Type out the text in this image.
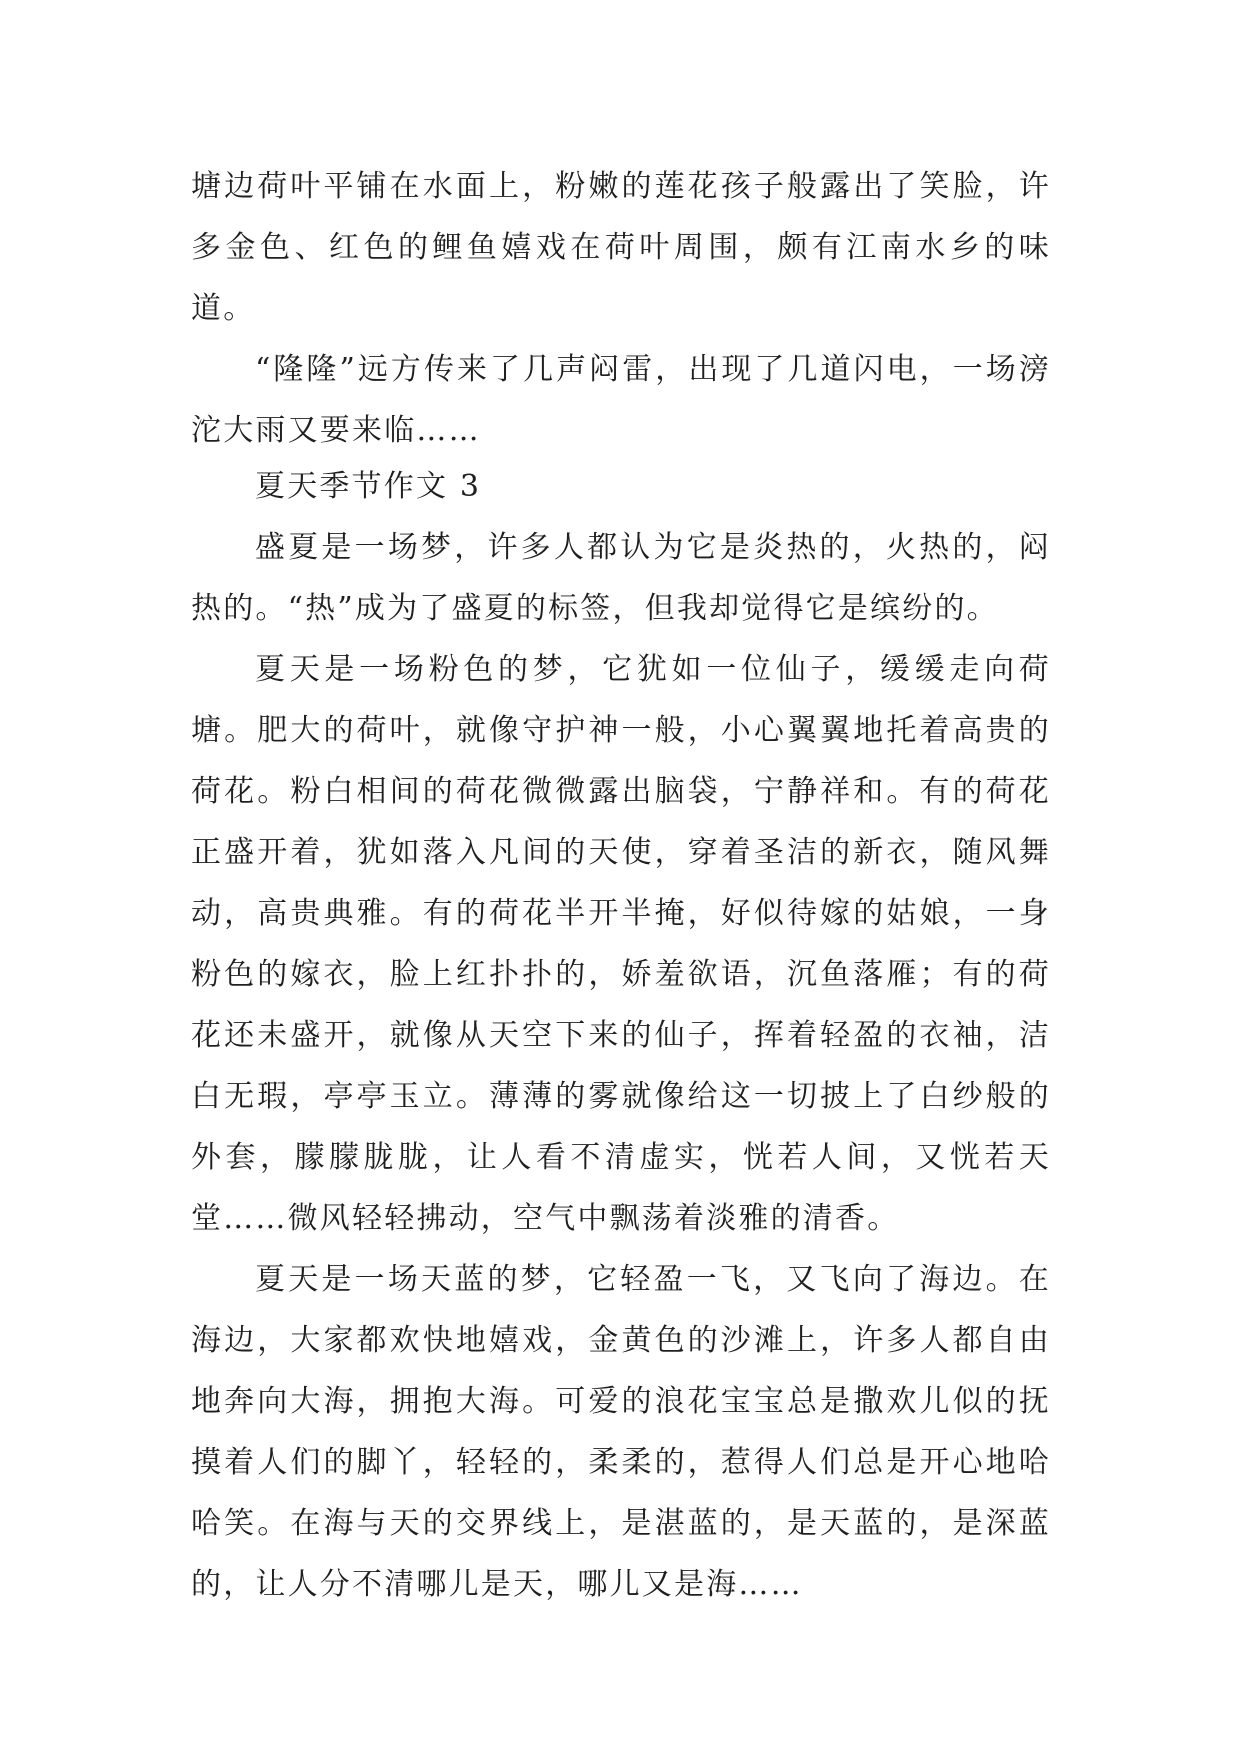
塘边荷叶平铺在水面上，粉嫩的莲花孩子般露出了笑脸，许多金色、红色的鲤鱼嬉戏在荷叶周围，颇有江南水乡的味道。

“隆隆”远方传来了几声闷雷，出现了几道闪电，一场滂沱大雨又要来临……

夏天季节作文 3

盛夏是一场梦，许多人都认为它是炎热的，火热的，闷热的。“热”成为了盛夏的标签，但我却觉得它是缤纷的。

夏天是一场粉色的梦，它犹如一位仙子，缓缓走向荷塘。肥大的荷叶，就像守护神一般，小心翼翼地托着高贵的荷花。粉白相间的荷花微微露出脑袋，宁静祥和。有的荷花正盛开着，犹如落入凡间的天使，穿着圣洁的新衣，随风舞动，高贵典雅。有的荷花半开半掩，好似待嫁的姑娘，一身粉色的嫁衣，脸上红扑扑的，娇羞欲语，沉鱼落雁；有的荷花还未盛开，就像从天空下来的仙子，挥着轻盈的衣袖，洁白无瑕，亭亭玉立。薄薄的雾就像给这一切披上了白纱般的外套，朦朦胧胧，让人看不清虚实，恍若人间，又恍若天堂……微风轻轻拂动，空气中飘荡着淡雅的清香。

夏天是一场天蓝的梦，它轻盈一飞，又飞向了海边。在海边，大家都欢快地嬉戏，金黄色的沙滩上，许多人都自由地奔向大海，拥抱大海。可爱的浪花宝宝总是撒欢儿似的抚摸着人们的脚丫，轻轻的，柔柔的，惹得人们总是开心地哈哈笑。在海与天的交界线上，是湛蓝的，是天蓝的，是深蓝的，让人分不清哪儿是天，哪儿又是海……
